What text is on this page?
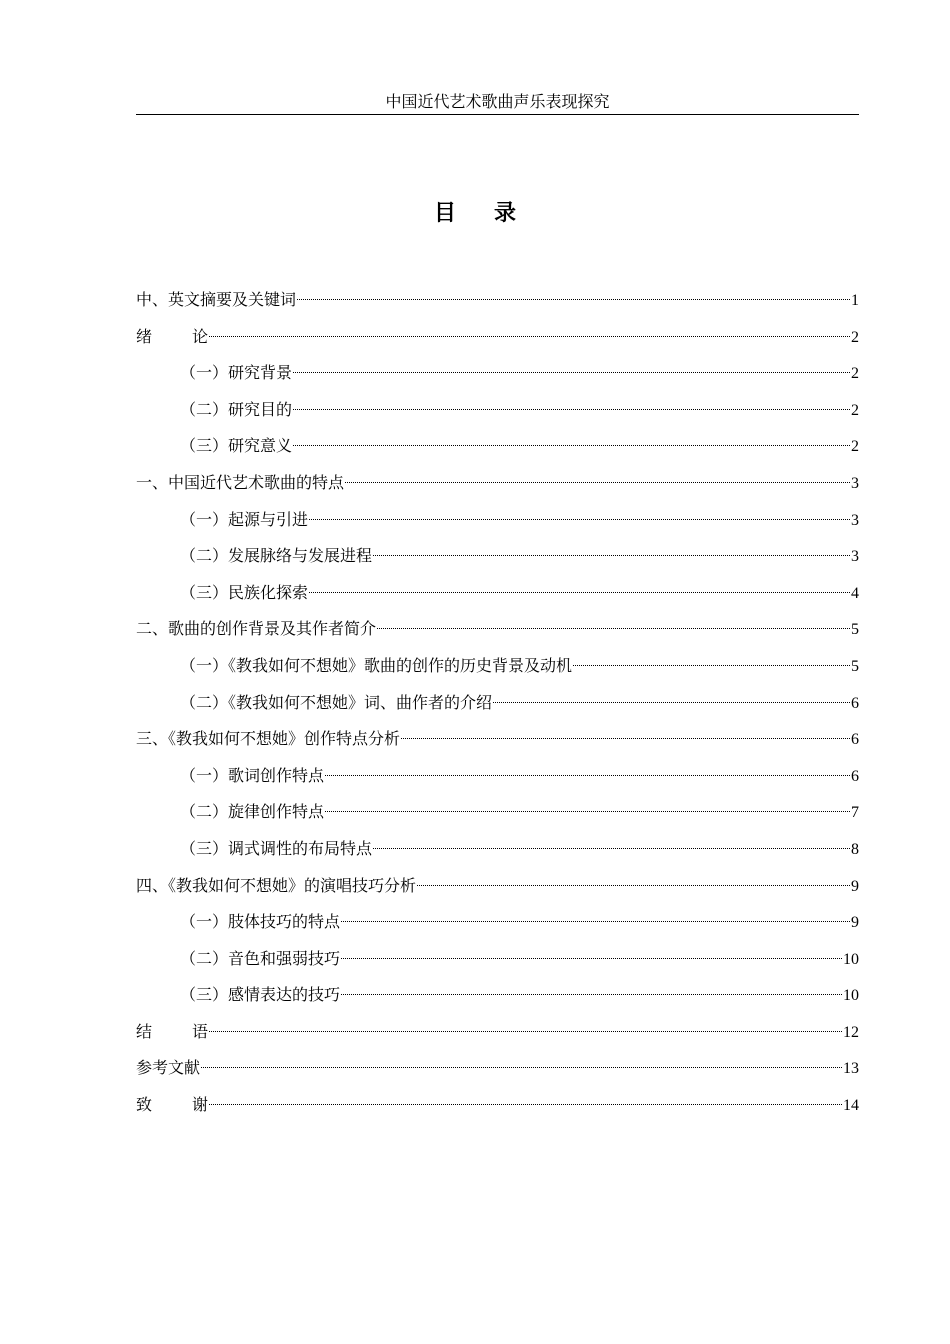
中国近代艺术歌曲声乐表现探究
目录
中、英文摘要及关键词	1
绪论	2
（一）研究背景	2
（二）研究目的	2
（三）研究意义	2
一、中国近代艺术歌曲的特点	3
（一）起源与引进	3
（二）发展脉络与发展进程	3
（三）民族化探索	4
二、歌曲的创作背景及其作者简介	5
（一）《教我如何不想她》歌曲的创作的历史背景及动机	5
（二）《教我如何不想她》词、曲作者的介绍	6
三、《教我如何不想她》创作特点分析	6
（一）歌词创作特点	6
（二）旋律创作特点	7
（三）调式调性的布局特点	8
四、《教我如何不想她》的演唱技巧分析	9
（一）肢体技巧的特点	9
（二）音色和强弱技巧	10
（三）感情表达的技巧	10
结语	12
参考文献	13
致谢	14
